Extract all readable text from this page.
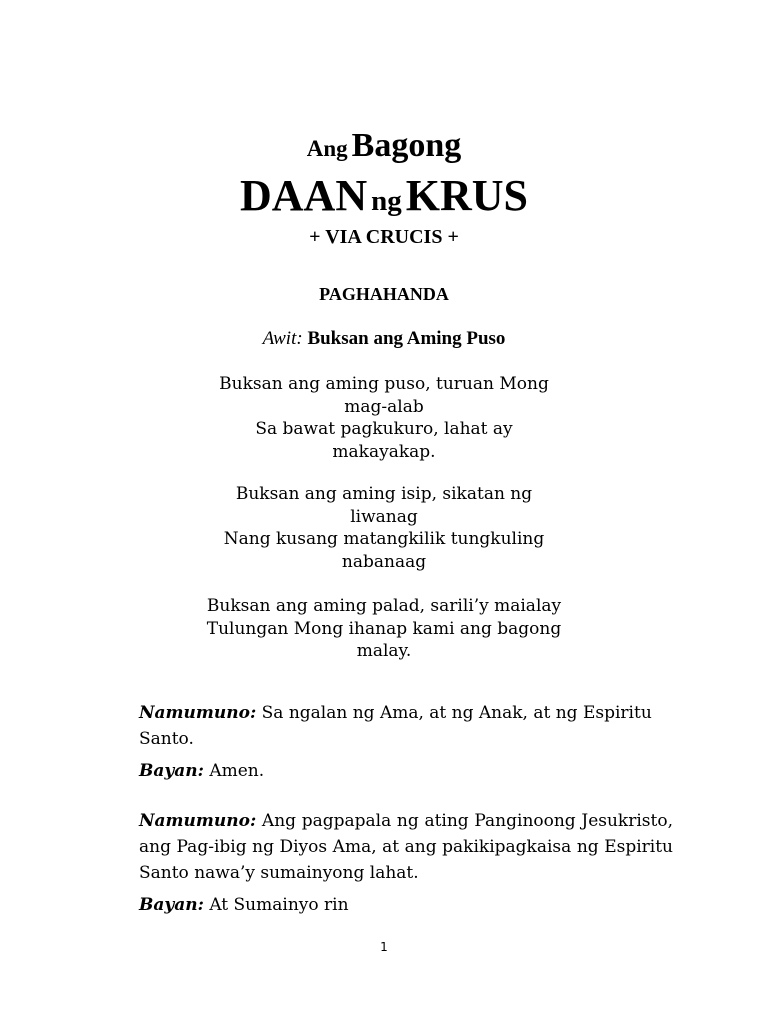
Ang Bagong
DAAN ng KRUS
+ VIA CRUCIS +
PAGHAHANDA
Awit: Buksan ang Aming Puso
Buksan ang aming puso, turuan Mong
mag-alab
Sa bawat pagkukuro, lahat ay
makayakap.
Buksan ang aming isip, sikatan ng
liwanag
Nang kusang matangkilik tungkuling
nabanaag
Buksan ang aming palad, sarili’y maialay
Tulungan Mong ihanap kami ang bagong
malay.
Namumuno: Sa ngalan ng Ama, at ng Anak, at ng Espiritu Santo.
Bayan: Amen.
Namumuno: Ang pagpapala ng ating Panginoong Jesukristo, ang Pag-ibig ng Diyos Ama, at ang pakikipagkaisa ng Espiritu Santo nawa’y sumainyong lahat.
Bayan: At Sumainyo rin
1
